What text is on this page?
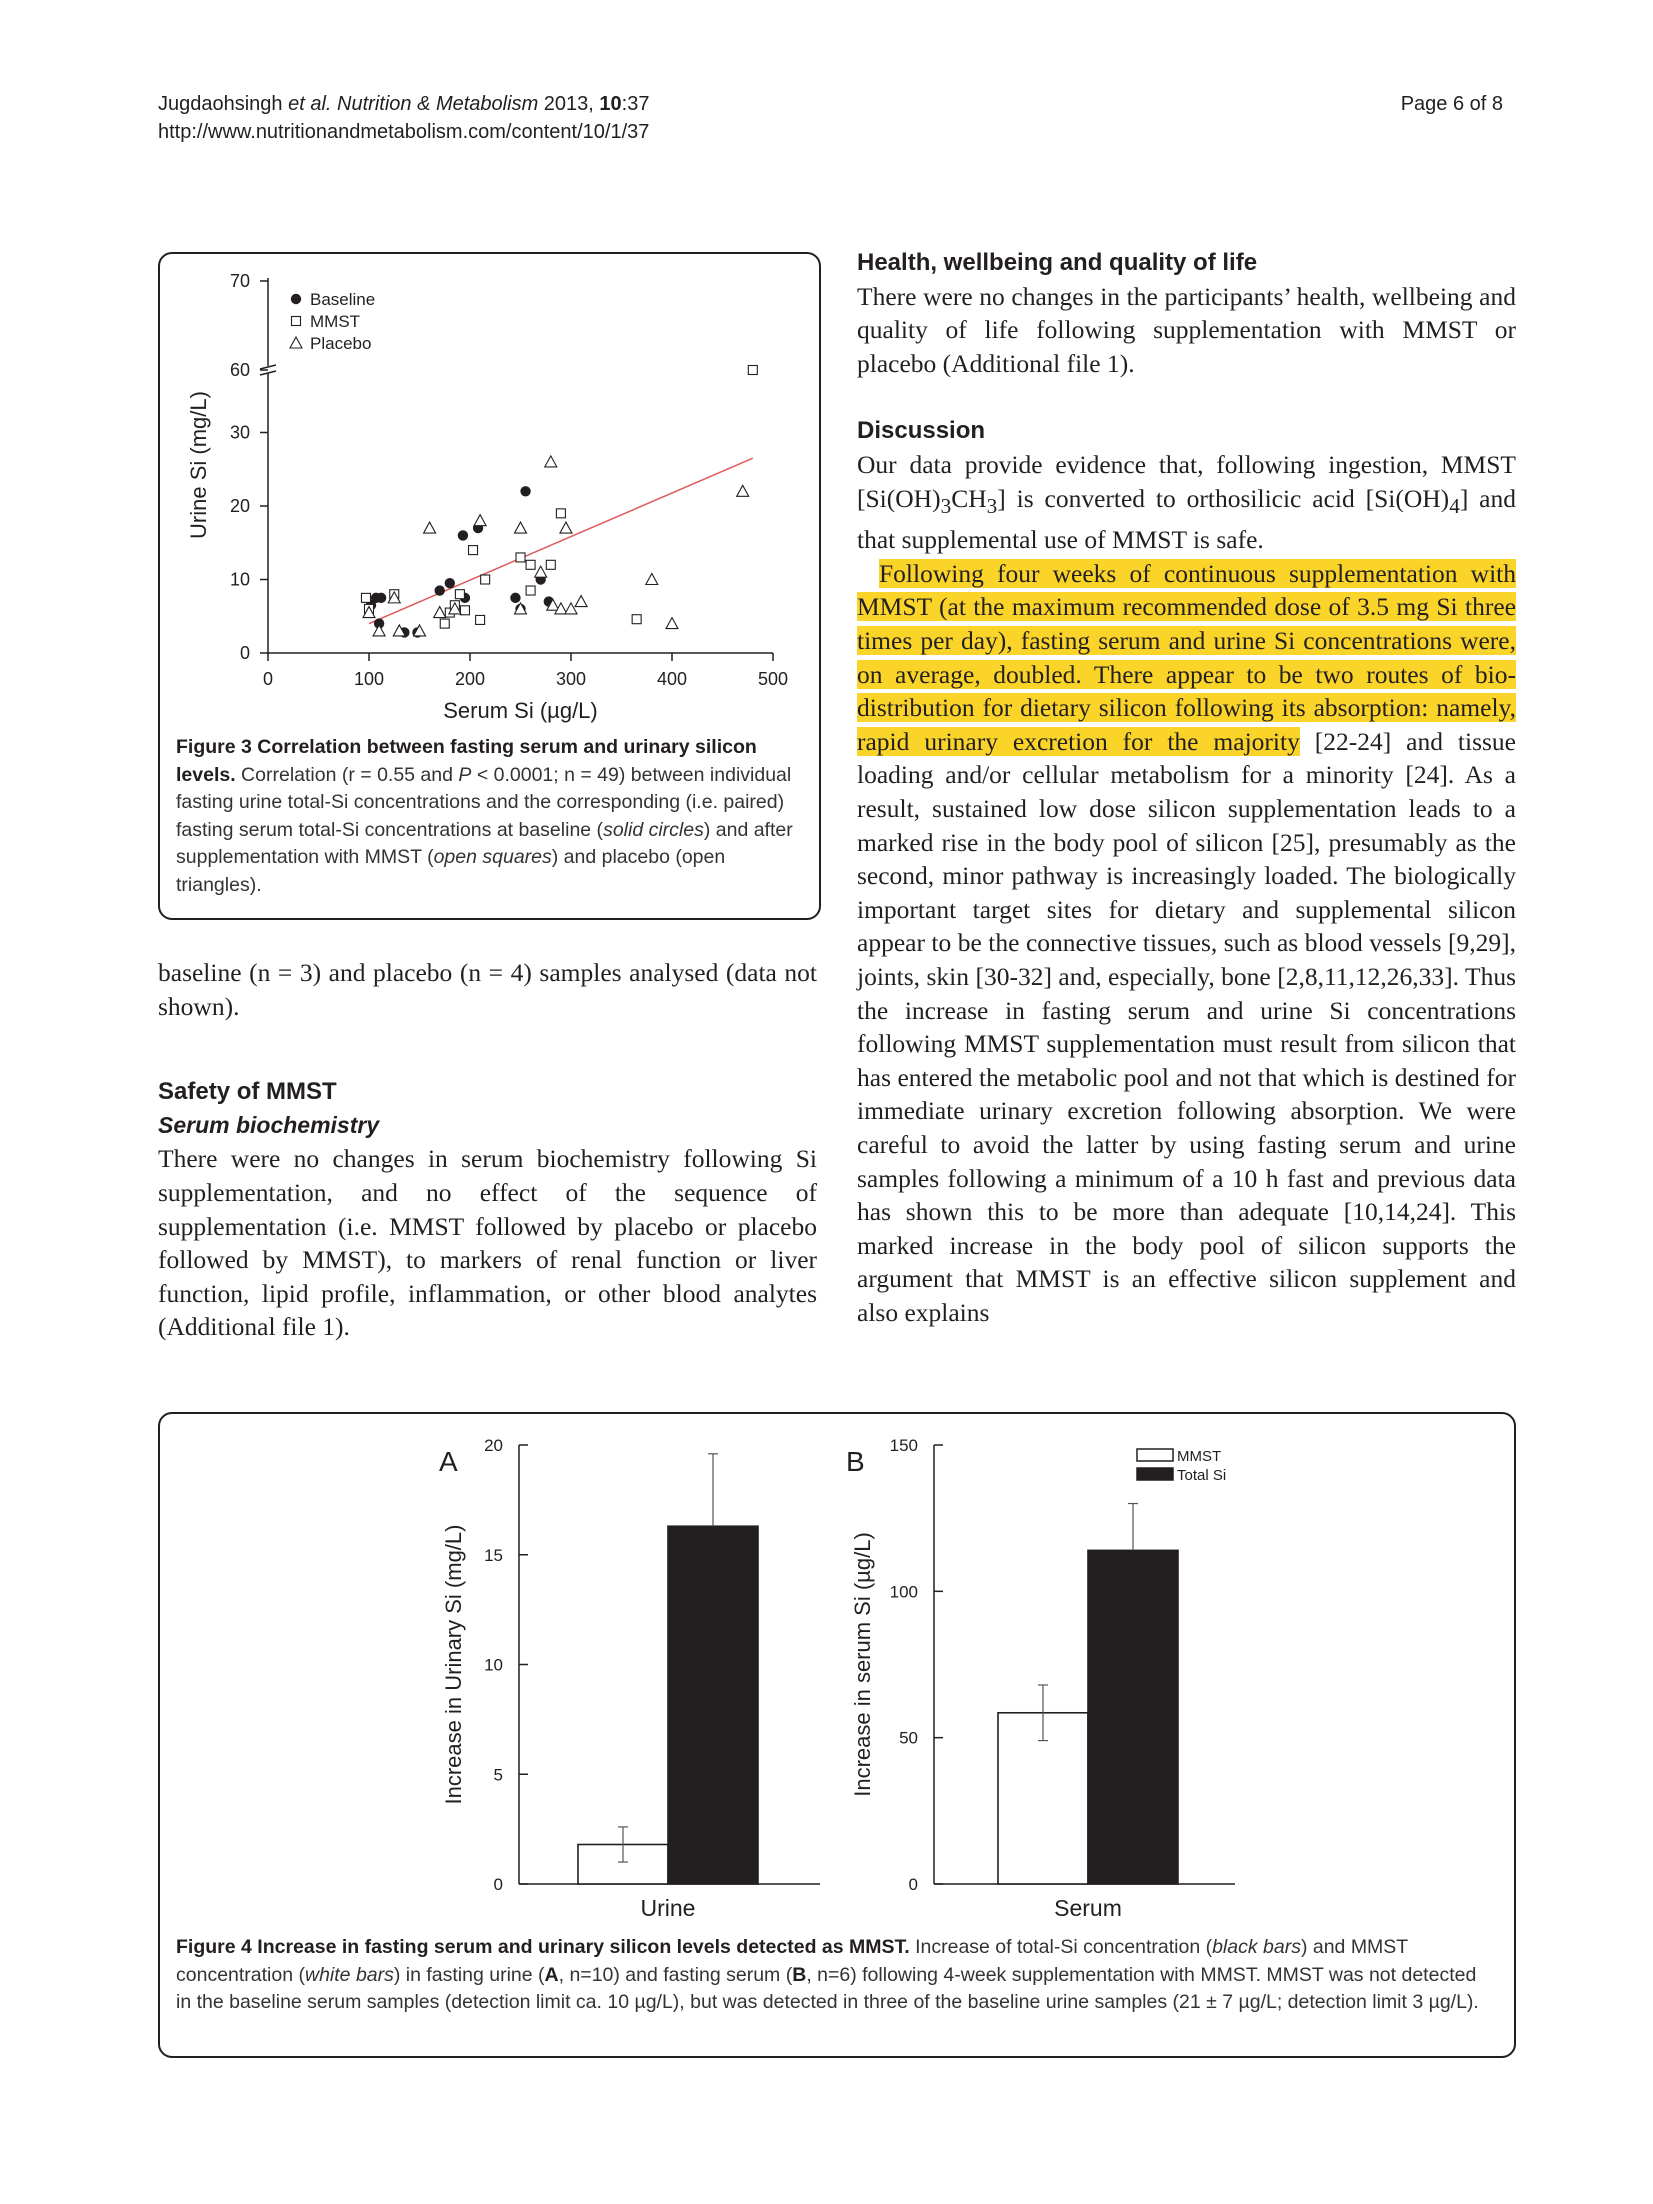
Jugdaohsingh et al. Nutrition & Metabolism 2013, 10:37
http://www.nutritionandmetabolism.com/content/10/1/37
Page 6 of 8
0
10
20
30
60
70
0	100	200	300	400	500
Serum Si (µg/L)
Urine Si (mg/L)
Baseline
MMST
Placebo
Figure 3 Correlation between fasting serum and urinary silicon levels. Correlation (r = 0.55 and P < 0.0001; n = 49) between individual fasting urine total-Si concentrations and the corresponding (i.e. paired) fasting serum total-Si concentrations at baseline (solid circles) and after supplementation with MMST (open squares) and placebo (open triangles).

baseline (n = 3) and placebo (n = 4) samples analysed (data not shown).

Safety of MMST

Serum biochemistry

There were no changes in serum biochemistry following Si supplementation, and no effect of the sequence of supplementation (i.e. MMST followed by placebo or placebo followed by MMST), to markers of renal function or liver function, lipid profile, inflammation, or other blood analytes (Additional file 1).

Health, wellbeing and quality of life

There were no changes in the participants’ health, wellbeing and quality of life following supplementation with MMST or placebo (Additional file 1).

Discussion

Our data provide evidence that, following ingestion, MMST $[Si(OH)_3CH_3]$ is converted to orthosilicic acid $[Si(OH)_4]$ and that supplemental use of MMST is safe.

Following four weeks of continuous supplementation with MMST (at the maximum recommended dose of 3.5 mg Si three times per day), fasting serum and urine Si concentrations were, on average, doubled. There appear to be two routes of bio-distribution for dietary silicon following its absorption: namely, rapid urinary excretion for the majority [22-24] and tissue loading and/or cellular metabolism for a minority [24]. As a result, sustained low dose silicon supplementation leads to a marked rise in the body pool of silicon [25], presumably as the second, minor pathway is increasingly loaded. The biologically important target sites for dietary and supplemental silicon appear to be the connective tissues, such as blood vessels [9,29], joints, skin [30-32] and, especially, bone [2,8,11,12,26,33]. Thus the increase in fasting serum and urine Si concentrations following MMST supplementation must result from silicon that has entered the metabolic pool and not that which is destined for immediate urinary excretion following absorption. We were careful to avoid the latter by using fasting serum and urine samples following a minimum of a 10 h fast and previous data has shown this to be more than adequate [10,14,24]. This marked increase in the body pool of silicon supports the argument that MMST is an effective silicon supplement and also explains

0
5
10
15
20
A
Increase in Urinary Si (mg/L)
Urine
0
50
100
150
B
Increase in serum Si (µg/L)
Serum
MMST
Total Si
Figure 4 Increase in fasting serum and urinary silicon levels detected as MMST. Increase of total-Si concentration (black bars) and MMST concentration (white bars) in fasting urine (A, n=10) and fasting serum (B, n=6) following 4-week supplementation with MMST. MMST was not detected in the baseline serum samples (detection limit ca. 10 µg/L), but was detected in three of the baseline urine samples (21 ± 7 µg/L; detection limit 3 µg/L).
